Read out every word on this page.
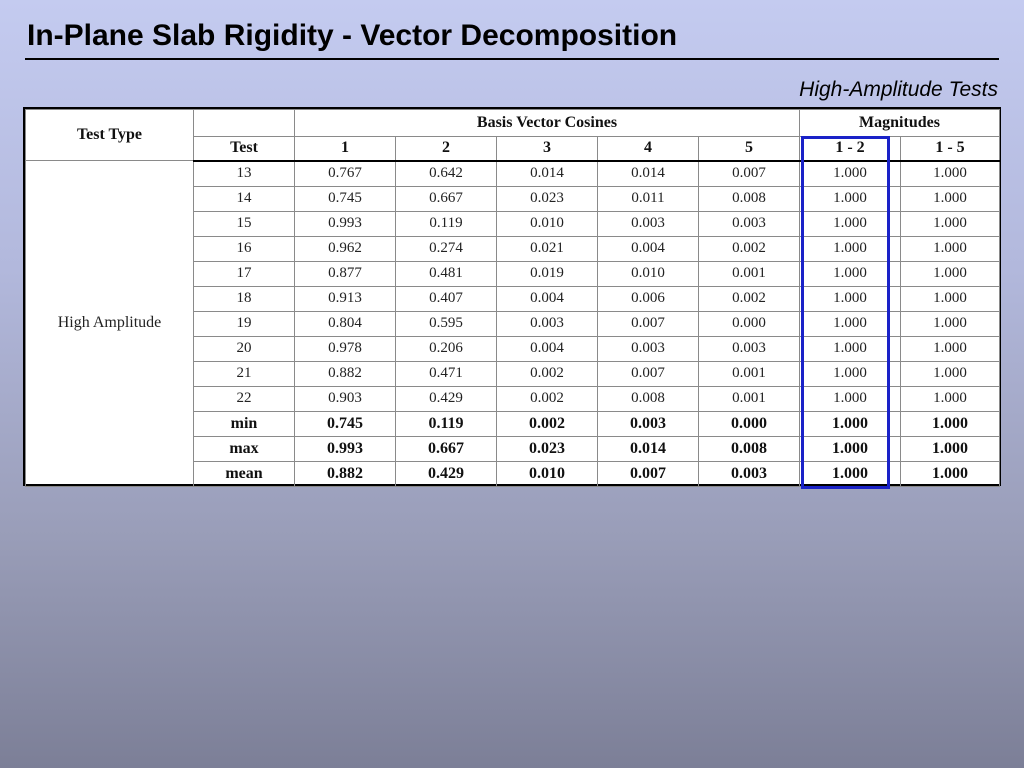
In-Plane Slab Rigidity - Vector Decomposition
High-Amplitude Tests
Test Type		Basis Vector Cosines					Magnitudes	
	Test	1	2	3	4	5	1 - 2	1 - 5
High Amplitude	13	0.767	0.642	0.014	0.014	0.007	1.000	1.000
	14	0.745	0.667	0.023	0.011	0.008	1.000	1.000
	15	0.993	0.119	0.010	0.003	0.003	1.000	1.000
	16	0.962	0.274	0.021	0.004	0.002	1.000	1.000
	17	0.877	0.481	0.019	0.010	0.001	1.000	1.000
	18	0.913	0.407	0.004	0.006	0.002	1.000	1.000
	19	0.804	0.595	0.003	0.007	0.000	1.000	1.000
	20	0.978	0.206	0.004	0.003	0.003	1.000	1.000
	21	0.882	0.471	0.002	0.007	0.001	1.000	1.000
	22	0.903	0.429	0.002	0.008	0.001	1.000	1.000
	min	0.745	0.119	0.002	0.003	0.000	1.000	1.000
	max	0.993	0.667	0.023	0.014	0.008	1.000	1.000
	mean	0.882	0.429	0.010	0.007	0.003	1.000	1.000
